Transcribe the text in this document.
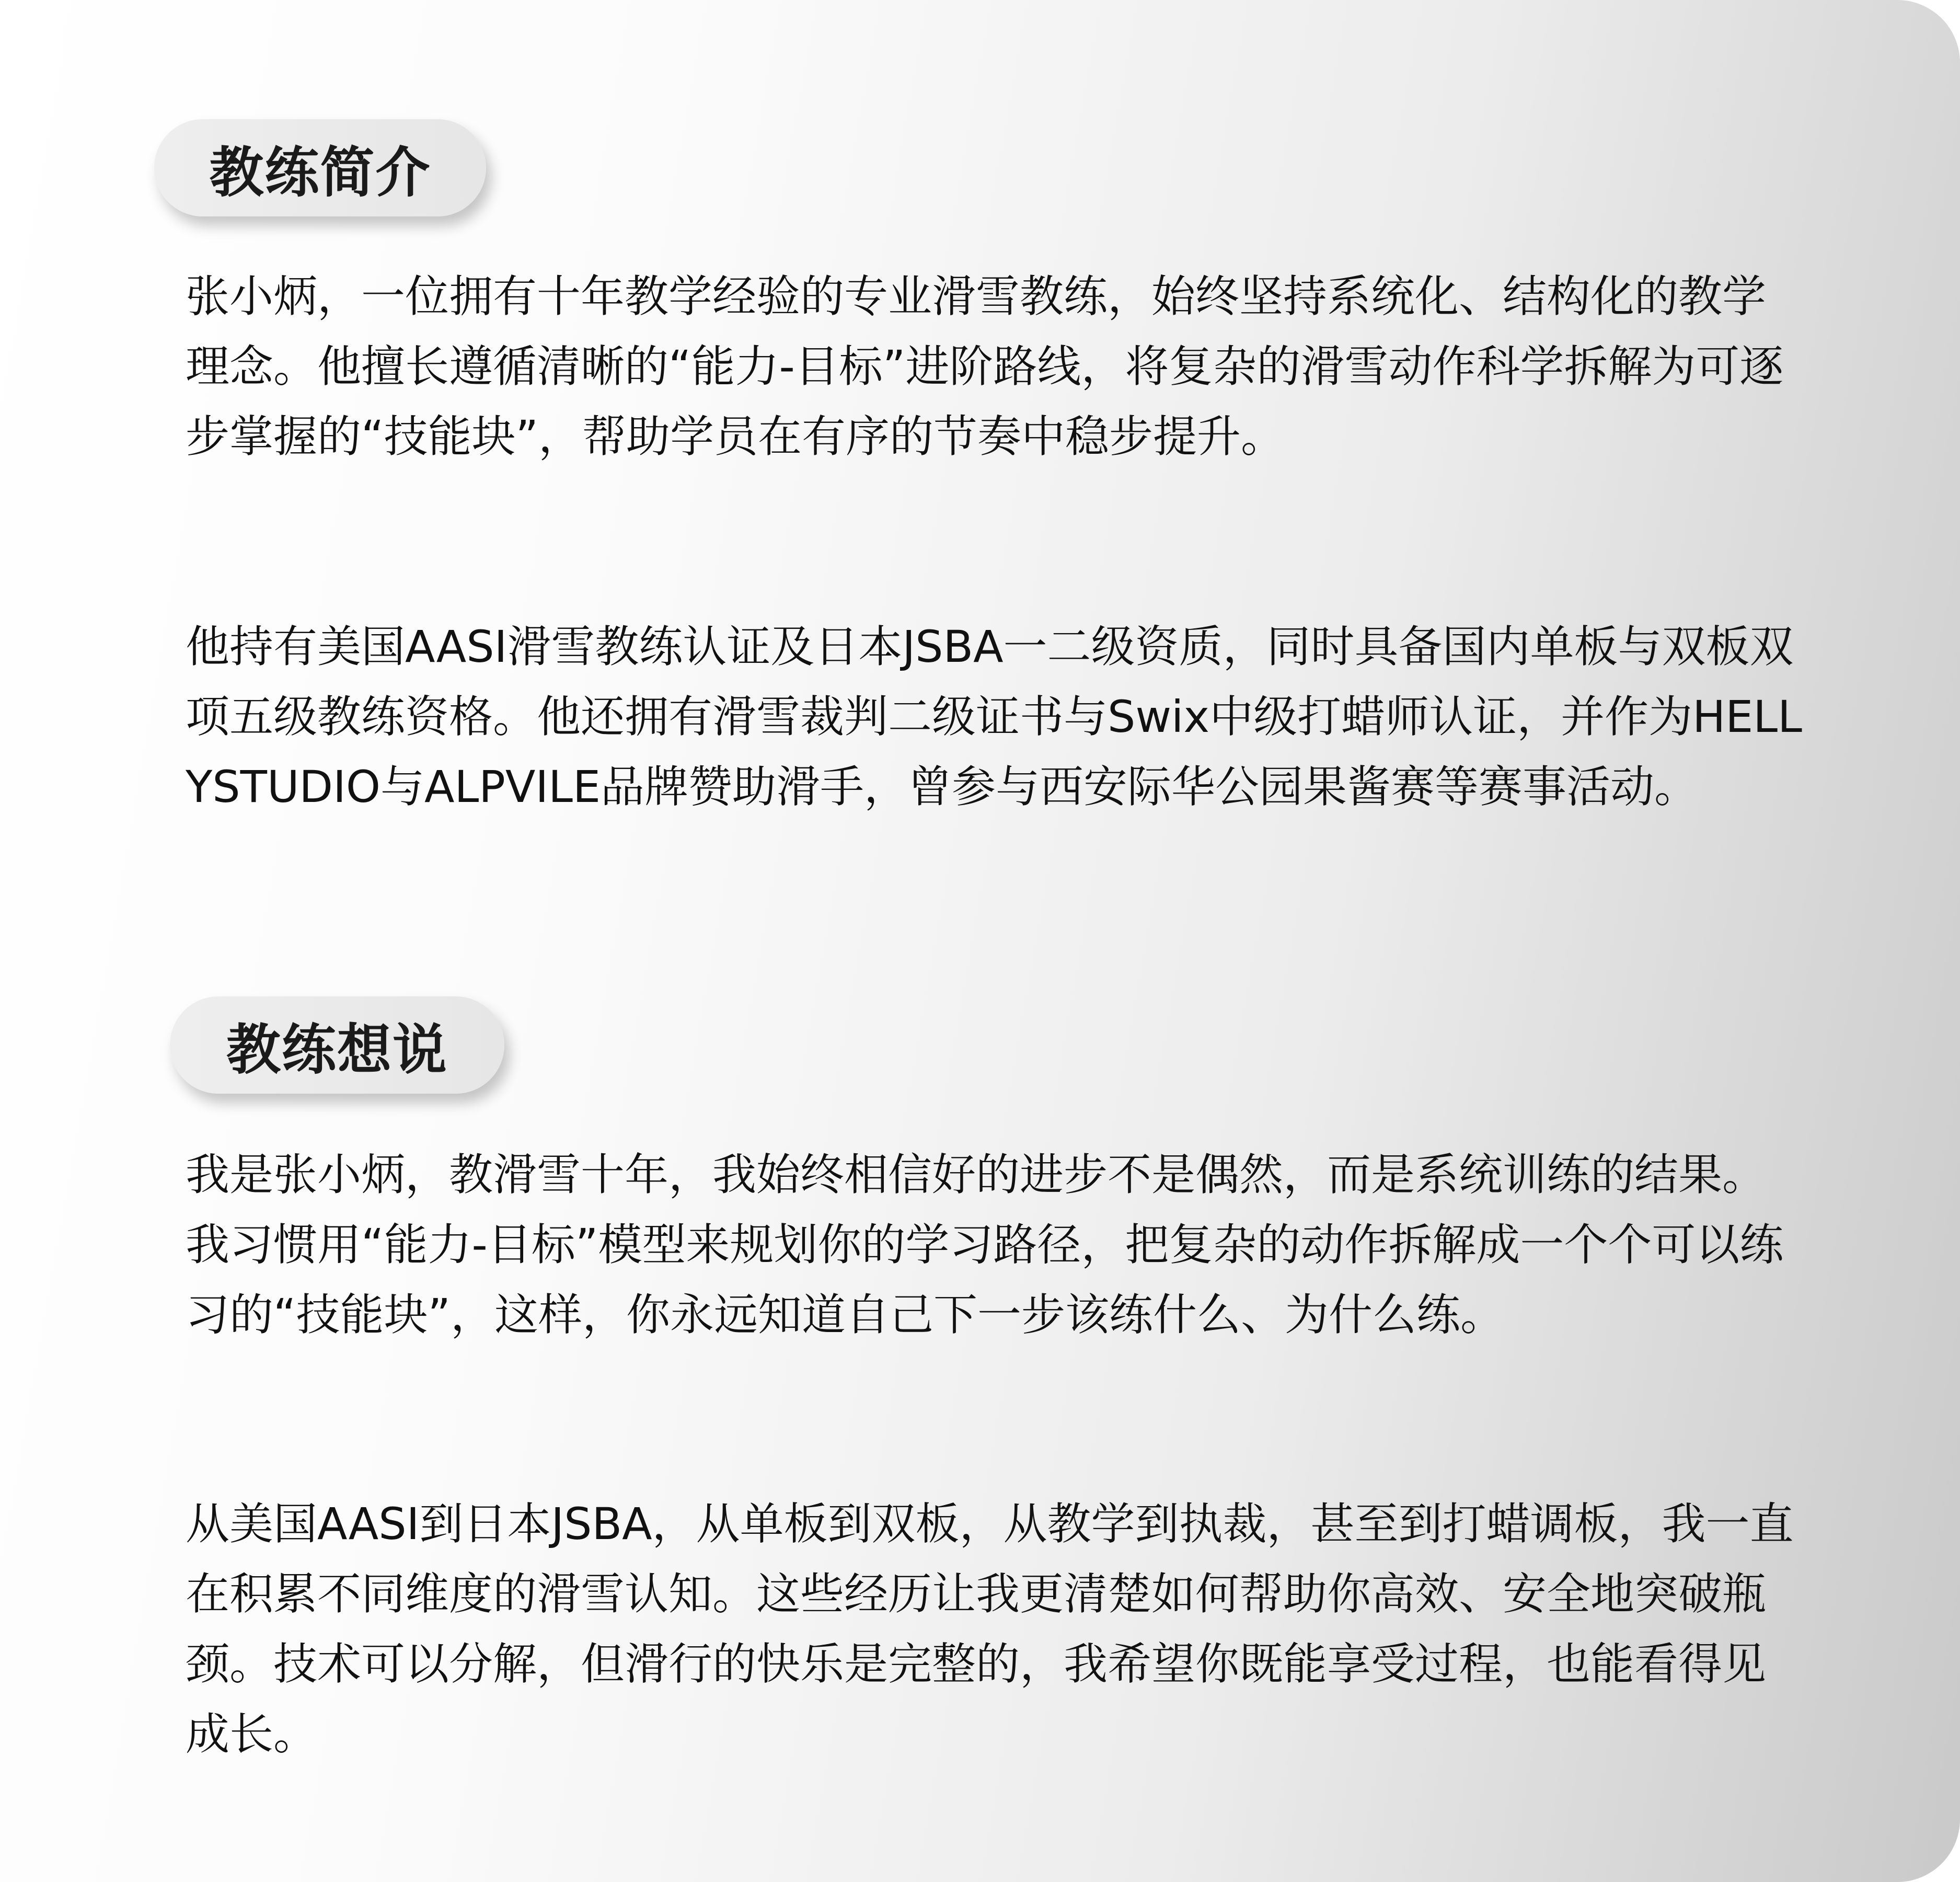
教练简介

张小炳，一位拥有十年教学经验的专业滑雪教练，始终坚持系统化、结构化的教学理念。他擅长遵循清晰的“能力-目标”进阶路线，将复杂的滑雪动作科学拆解为可逐步掌握的“技能块”，帮助学员在有序的节奏中稳步提升。

他持有美国AASI滑雪教练认证及日本JSBA一二级资质，同时具备国内单板与双板双项五级教练资格。他还拥有滑雪裁判二级证书与Swix中级打蜡师认证，并作为HELLYSTUDIO与ALPVILE品牌赞助滑手，曾参与西安际华公园果酱赛等赛事活动。

教练想说

我是张小炳，教滑雪十年，我始终相信好的进步不是偶然，而是系统训练的结果。我习惯用“能力-目标”模型来规划你的学习路径，把复杂的动作拆解成一个个可以练习的“技能块”，这样，你永远知道自己下一步该练什么、为什么练。

从美国AASI到日本JSBA，从单板到双板，从教学到执裁，甚至到打蜡调板，我一直在积累不同维度的滑雪认知。这些经历让我更清楚如何帮助你高效、安全地突破瓶颈。技术可以分解，但滑行的快乐是完整的，我希望你既能享受过程，也能看得见成长。
